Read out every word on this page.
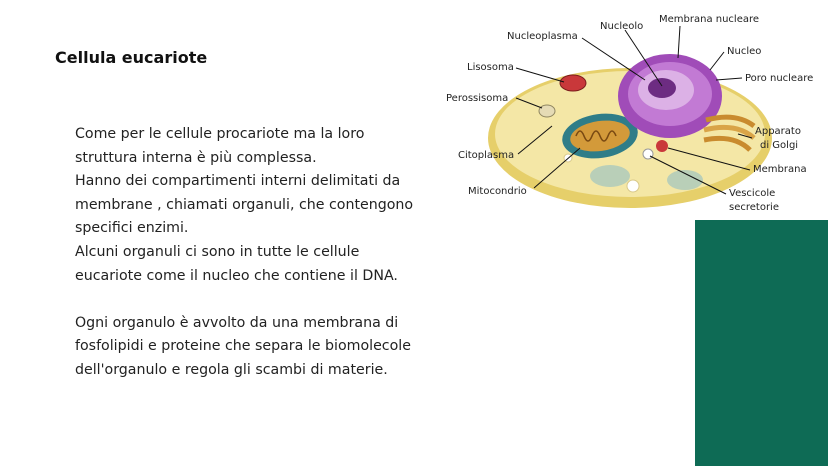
Cellula eucariote
Come per le cellule procariote ma la loro
struttura interna è più complessa.
Hanno dei compartimenti interni delimitati da
membrane , chiamati organuli, che contengono
specifici enzimi.
Alcuni organuli ci sono in tutte le cellule
eucariote come il nucleo che contiene il DNA.
Ogni organulo è avvolto da una membrana di
fosfolipidi e proteine che separa le biomolecole
dell'organulo e regola gli scambi di materie.
Nucleoplasma
Nucleolo
Membrana nucleare
Lisosoma
Nucleo
Poro nucleare
Perossisoma
Apparato
di Golgi
Citoplasma
Membrana
Mitocondrio	Vescicole
secretorie
